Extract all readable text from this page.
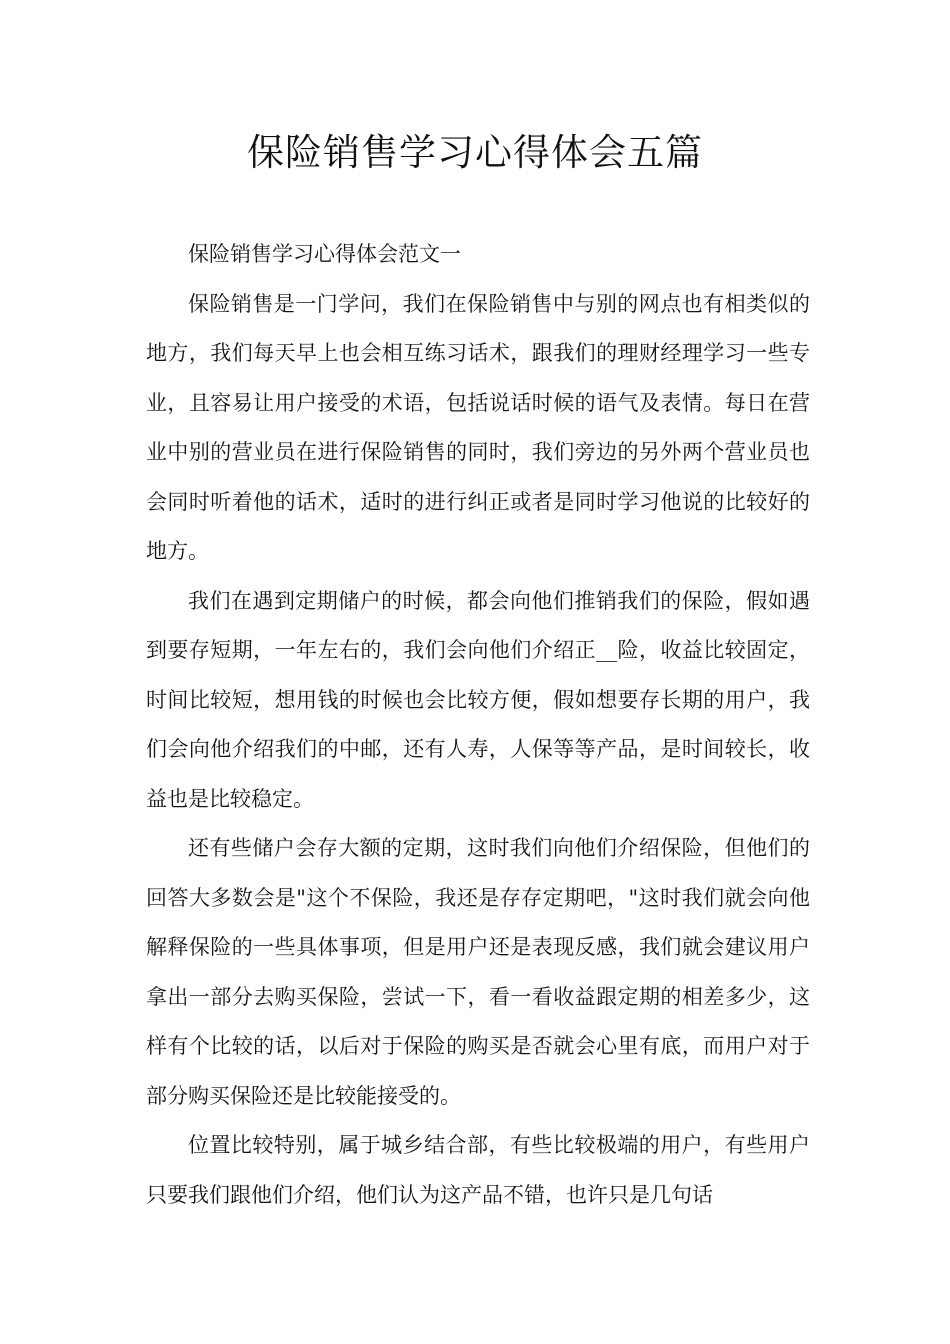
保险销售学习心得体会五篇

保险销售学习心得体会范文一

保险销售是一门学问，我们在保险销售中与别的网点也有相类似的地方，我们每天早上也会相互练习话术，跟我们的理财经理学习一些专业，且容易让用户接受的术语，包括说话时候的语气及表情。每日在营业中别的营业员在进行保险销售的同时，我们旁边的另外两个营业员也会同时听着他的话术，适时的进行纠正或者是同时学习他说的比较好的地方。

我们在遇到定期储户的时候，都会向他们推销我们的保险，假如遇到要存短期，一年左右的，我们会向他们介绍正__险，收益比较固定，时间比较短，想用钱的时候也会比较方便，假如想要存长期的用户，我们会向他介绍我们的中邮，还有人寿，人保等等产品，是时间较长，收益也是比较稳定。

还有些储户会存大额的定期，这时我们向他们介绍保险，但他们的回答大多数会是"这个不保险，我还是存存定期吧，"这时我们就会向他解释保险的一些具体事项，但是用户还是表现反感，我们就会建议用户拿出一部分去购买保险，尝试一下，看一看收益跟定期的相差多少，这样有个比较的话，以后对于保险的购买是否就会心里有底，而用户对于部分购买保险还是比较能接受的。

位置比较特别，属于城乡结合部，有些比较极端的用户，有些用户只要我们跟他们介绍，他们认为这产品不错，也许只是几句话
